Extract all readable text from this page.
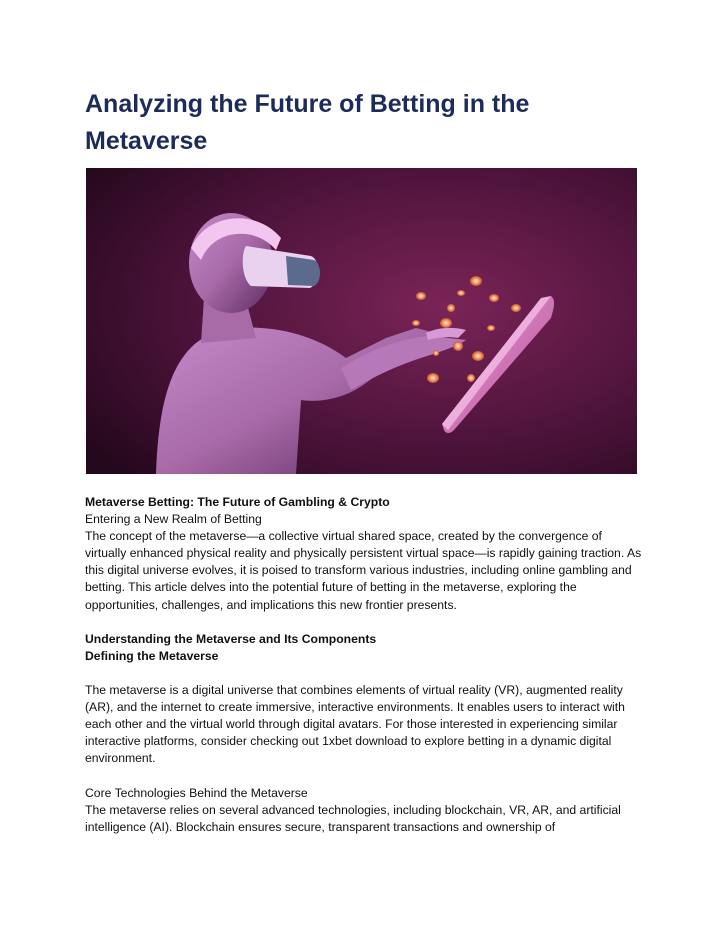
Analyzing the Future of Betting in the Metaverse

Metaverse Betting: The Future of Gambling & Crypto

Entering a New Realm of Betting

The concept of the metaverse—a collective virtual shared space, created by the convergence of virtually enhanced physical reality and physically persistent virtual space—is rapidly gaining traction. As this digital universe evolves, it is poised to transform various industries, including online gambling and betting. This article delves into the potential future of betting in the metaverse, exploring the opportunities, challenges, and implications this new frontier presents.

Understanding the Metaverse and Its Components

Defining the Metaverse

The metaverse is a digital universe that combines elements of virtual reality (VR), augmented reality (AR), and the internet to create immersive, interactive environments. It enables users to interact with each other and the virtual world through digital avatars. For those interested in experiencing similar interactive platforms, consider checking out 1xbet download to explore betting in a dynamic digital environment.

Core Technologies Behind the Metaverse

The metaverse relies on several advanced technologies, including blockchain, VR, AR, and artificial intelligence (AI). Blockchain ensures secure, transparent transactions and ownership of
